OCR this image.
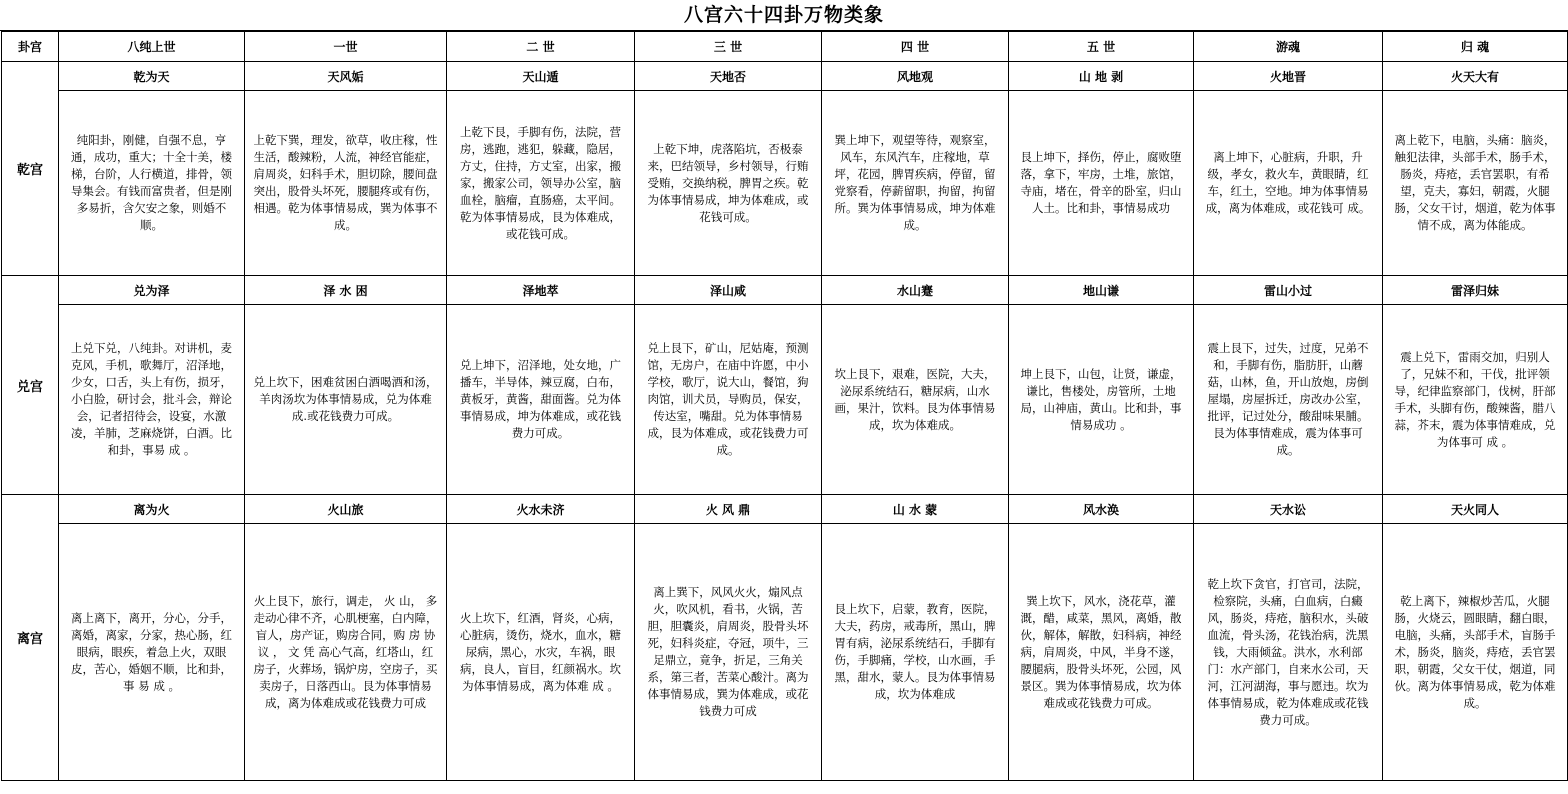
八宫六十四卦万物类象
卦宫	八纯上世	一世	二 世	三 世	四 世	五 世	游魂	归 魂
乾宫	乾为天	天风姤	天山遁	天地否	风地观	山 地 剥	火地晋	火天大有

	纯阳卦，刚健，自强不息，亨通，成功，重大；十全十美，楼梯，台阶，人行横道，排骨，领导集会。有钱而富贵者，但是刚多易折，含欠安之象，则婚不顺。	上乾下巽，理发，欲草，收庄稼，性生活，酸辣粉，人流，神经官能症，肩周炎，妇科手术，胆切除，腰间盘突出，股骨头坏死，腰腿疼或有伤，相遇。乾为体事情易成，巽为体事不成。	上乾下艮，手脚有伤，法院，营房，逃跑，逃犯，躲藏，隐居，方丈，住持，方丈室，出家，搬家，搬家公司，领导办公室，脑血栓，脑瘤，直肠癌，太平间。乾为体事情易成，艮为体难成，或花钱可成。	上乾下坤，虎落陷坑，否极泰来，巴结领导，乡村领导，行贿受贿，交换纳税，脾胃之疾。乾为体事情易成，坤为体难成，或花钱可成。	巽上坤下，观望等待，观察室，风车，东风汽车，庄稼地，草坪，花园，脾胃疾病，停留，留党察看，停薪留职，拘留，拘留所。巽为体事情易成，坤为体难成。	艮上坤下，择伤，停止，腐败堕落，拿下，牢房，土堆，旅馆，寺庙，堵在，骨辛的卧室，归山人土。比和卦，事情易成功	离上坤下，心脏病，升职，升级，孝女，救火车，黄眼睛，红车，红土，空地。坤为体事情易成，离为体难成，或花钱可 成。	离上乾下，电脑，头痛：脑炎，触犯法律，头部手术，肠手术，肠炎，痔疮，丢官罢职，有希望，克夫，寡妇，朝霞，火腿肠，父女干讨，烟道，乾为体事情不成，离为体能成。

兑宫	兑为泽	泽 水 困	泽地萃	泽山咸	水山蹇	地山谦	雷山小过	雷泽归妹

	上兑下兑，八纯卦。对讲机，麦克风，手机，歌舞厅，沼泽地，少女，口舌，头上有伤，损牙，小白脸，研讨会，批斗会，辩论会，记者招待会，设宴，水激凌，羊肺，芝麻烧饼，白酒。比和卦，事易 成 。	兑上坎下，困难贫困白酒喝酒和汤，羊肉汤坎为体事情易成，兑为体难成.或花钱费力可成。	兑上坤下，沼泽地，处女地，广播车，半导体，辣豆腐，白布，黄板牙，黄酱，甜面酱。兑为体事情易成，坤为体难成，或花钱费力可成。	兑上艮下，矿山，尼姑庵，预测馆，无房户，在庙中许愿，中小学校，歌厅，说大山，餐馆，狗肉馆，训犬员，导购员，保安，传达室，嘴甜。兑为体事情易成，艮为体难成，或花钱费力可成。	坎上艮下，艰难，医院，大夫，泌尿系统结石，糖尿病，山水画，果汁，饮料。艮为体事情易成，坎为体难成。	坤上艮下，山包，让贤，谦虚，谦比，售楼处，房管所，土地局，山神庙，黄山。比和卦，事情易成功 。	震上艮下，过失，过度，兄弟不和，手脚有伤，脂肪肝，山蘑菇，山林，鱼，开山放炮，房倒屋塌，房屋拆迁，房改办公室，批评，记过处分，酸甜味果脯。艮为体事情难成，震为体事可成。	震上兑下，雷雨交加，归别人了，兄妹不和，干伐，批评领导，纪律监察部门，伐树，肝部手术，头脚有伤，酸辣酱，腊八蒜，芥末，震为体事情难成，兑为体事可 成 。

离宫	离为火	火山旅	火水未济	火 风 鼎	山 水 蒙	风水涣	天水讼	天火同人

	离上离下，离开，分心，分手，离婚，离家，分家，热心肠，红眼病，眼疾，着急上火，双眼皮，苦心，婚姻不顺，比和卦， 事 易 成 。	火上艮下，旅行，调走， 火 山， 多走动心律不齐，心肌梗塞，白内障，盲人，房产证，购房合同，购 房 协 议 ， 文 凭 高心气高，红塔山，红房子，火葬场，锅炉房，空房子，买卖房子，日落西山。艮为体事情易成，离为体难成或花钱费力可成	火上坎下，红酒，肾炎，心病，心脏病，烫伤，烧水，血水，糖尿病，黑心，水灾，车祸，眼病，良人，盲目，红颜祸水。坎为体事情易成，离为体难 成 。	离上巽下，风风火火，煽风点火，吹风机，看书，火锅，苦胆，胆囊炎，肩周炎，股骨头坏死，妇科炎症，夺冠，项牛，三足鼎立，竟争，折足，三角关系，第三者，苦菜心酸汁。离为体事情易成，巽为体难成，或花钱费力可成	艮上坎下，启蒙，教育，医院，大夫，药房，戒毒所，黑山，脾胃有病，泌尿系统结石，手脚有伤，手脚痛，学校，山水画，手黑，甜水，蒙人。艮为体事情易成，坎为体难成	巽上坎下，风水，浇花草，灌溉，醋，咸菜，黑风，离婚，散伙，解体，解散，妇科病，神经病，肩周炎，中风，半身不遂，腰腿病，股骨头坏死，公园，风景区。巽为体事情易成，坎为体难成或花钱费力可成。	乾上坎下贪官，打官司，法院，检察院，头痛，白血病，白癜风，肠炎，痔疮，脑积水，头破血流，骨头汤，花钱治病，洗黑钱，大雨倾盆。洪水，水利部门：水产部门，自来水公司，天河，江河湖海，事与愿违。坎为体事情易成，乾为体难成或花钱费力可成。	乾上离下，辣椒炒苦瓜，火腿肠，火烧云，圆眼睛，翻白眼，电脑，头痛，头部手术，盲肠手术，肠炎，脑炎，痔疮，丢官罢职，朝霞，父女干仗，烟道，同伙。离为体事情易成，乾为体难成。
